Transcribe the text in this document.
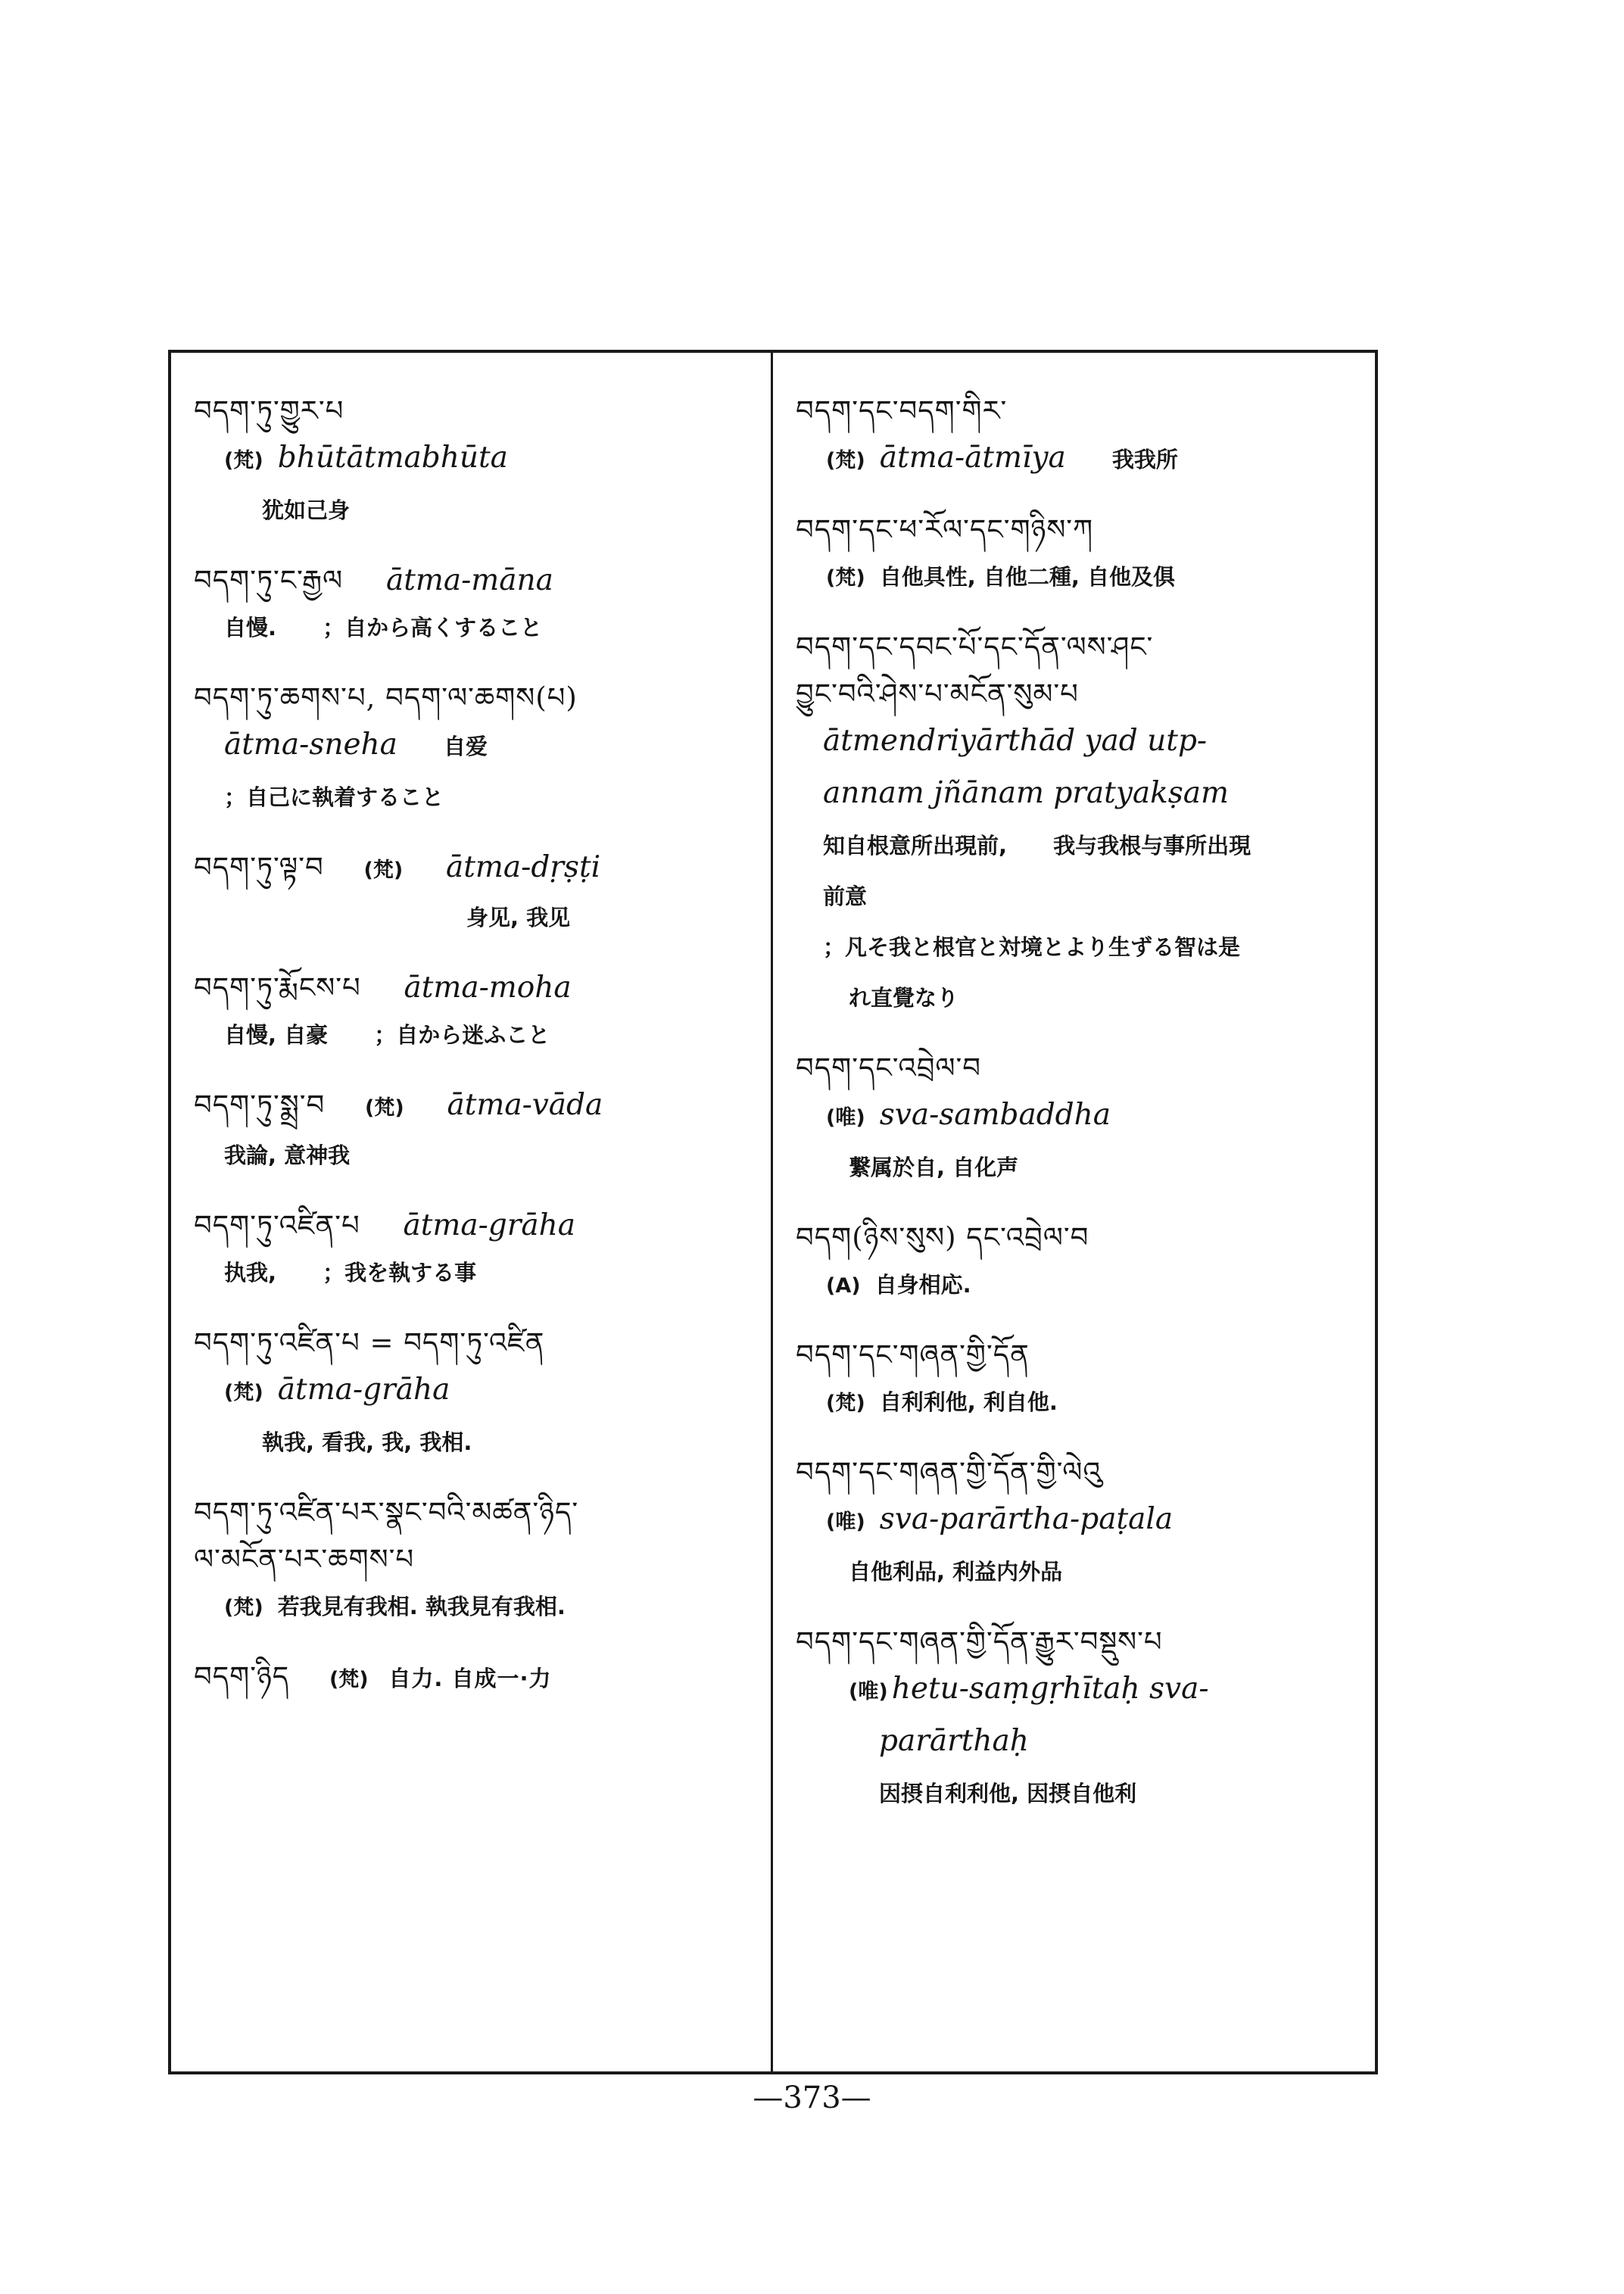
བདག་ཏུ་གྱུར་པ
(梵) bhūtātmabhūta
犹如己身
བདག་ཏུ་ང་རྒྱལ ātma-māna
自慢. ；自から高くすること
བདག་ཏུ་ཆགས་པ, བདག་ལ་ཆགས(པ)
ātma-sneha 自爱
；自己に執着すること
བདག་ཏུ་ལྟ་བ (梵) ātma-dṛṣṭi
身见, 我见
བདག་ཏུ་རྨོངས་པ ātma-moha
自慢, 自豪 ；自から迷ふこと
བདག་ཏུ་སྨྲ་བ (梵) ātma-vāda
我論, 意神我
བདག་ཏུ་འཛིན་པ ātma-grāha
执我, ；我を執する事
བདག་ཏུ་འཛིན་པ = བདག་ཏུ་འཛིན
(梵) ātma-grāha
執我, 看我, 我, 我相.
བདག་ཏུ་འཛིན་པར་སྣང་བའི་མཚན་ཉིད་
ལ་མངོན་པར་ཆགས་པ
(梵) 若我見有我相. 執我見有我相.
བདག་ཉིད (梵) 自力. 自成一·力
བདག་དང་བདག་གིར་
(梵) ātma-ātmīya 我我所
བདག་དང་ཕ་རོལ་དང་གཉིས་ཀ
(梵) 自他具性, 自他二種, 自他及俱
བདག་དང་དབང་པོ་དང་དོན་ལས་ཤང་
བྱུང་བའི་ཤེས་པ་མངོན་སུམ་པ
ātmendriyārthād yad utp-
annam jñānam pratyakṣam
知自根意所出現前, 我与我根与事所出現
前意
；凡そ我と根官と対境とより生ずる智は是
れ直覺なり
བདག་དང་འབྲེལ་བ
(唯) sva-sambaddha
繋属於自, 自化声
བདག(ཉིས་སུས) དང་འབྲེལ་བ
(A) 自身相応.
བདག་དང་གཞན་གྱི་དོན
(梵) 自利利他, 利自他.
བདག་དང་གཞན་གྱི་དོན་གྱི་ལེའུ
(唯) sva-parārtha-paṭala
自他利品, 利益内外品
བདག་དང་གཞན་གྱི་དོན་རྒྱུར་བསྡུས་པ
(唯) hetu-saṃgṛhītaḥ sva-
parārthaḥ
因摂自利利他, 因摂自他利
—373—
